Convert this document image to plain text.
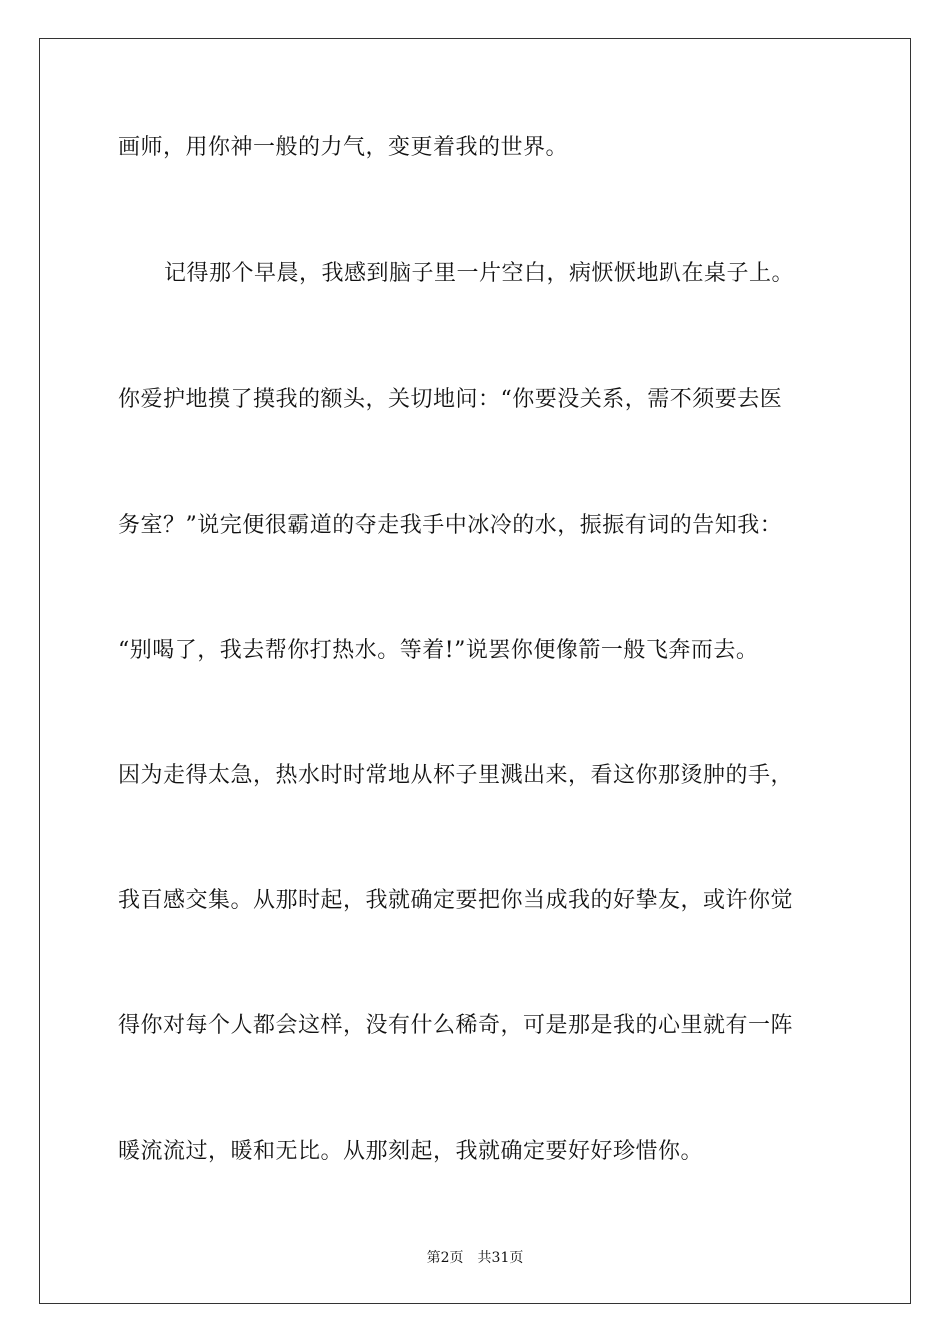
画师，用你神一般的力气，变更着我的世界。
记得那个早晨，我感到脑子里一片空白，病恹恹地趴在桌子上。
你爱护地摸了摸我的额头，关切地问：“你要没关系，需不须要去医
务室？”说完便很霸道的夺走我手中冰冷的水，振振有词的告知我：
“别喝了，我去帮你打热水。等着!”说罢你便像箭一般飞奔而去。
因为走得太急，热水时时常地从杯子里溅出来，看这你那烫肿的手，
我百感交集。从那时起，我就确定要把你当成我的好挚友，或许你觉
得你对每个人都会这样，没有什么稀奇，可是那是我的心里就有一阵
暖流流过，暖和无比。从那刻起，我就确定要好好珍惜你。
第2页 共31页
